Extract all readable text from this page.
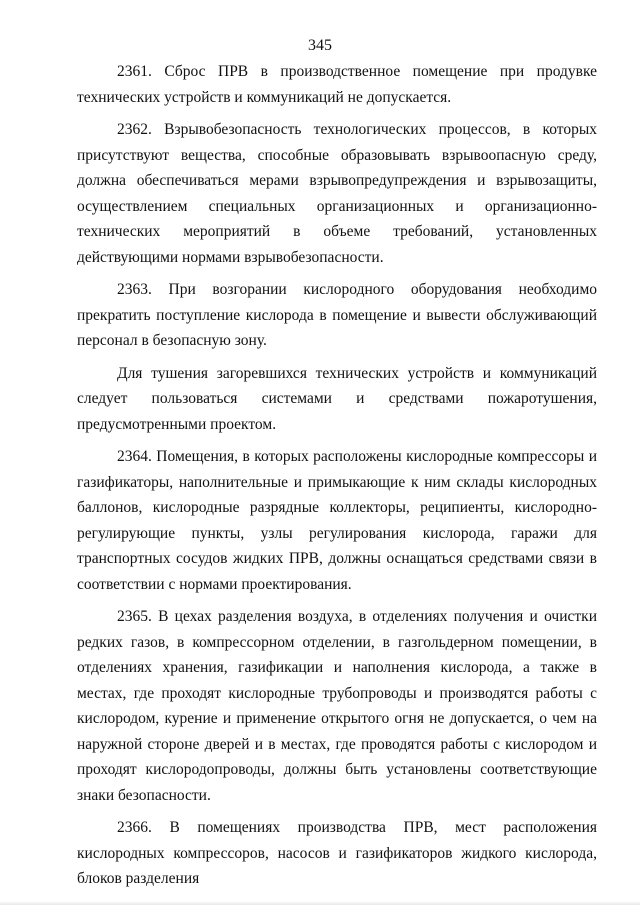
345

2361. Сброс ПРВ в производственное помещение при продувке технических устройств и коммуникаций не допускается.

2362. Взрывобезопасность технологических процессов, в которых присутствуют вещества, способные образовывать взрывоопасную среду, должна обеспечиваться мерами взрывопредупреждения и взрывозащиты, осуществлением специальных организационных и организационно-технических мероприятий в объеме требований, установленных действующими нормами взрывобезопасности.

2363. При возгорании кислородного оборудования необходимо прекратить поступление кислорода в помещение и вывести обслуживающий персонал в безопасную зону.

Для тушения загоревшихся технических устройств и коммуникаций следует пользоваться системами и средствами пожаротушения, предусмотренными проектом.

2364. Помещения, в которых расположены кислородные компрессоры и газификаторы, наполнительные и примыкающие к ним склады кислородных баллонов, кислородные разрядные коллекторы, реципиенты, кислородно-регулирующие пункты, узлы регулирования кислорода, гаражи для транспортных сосудов жидких ПРВ, должны оснащаться средствами связи в соответствии с нормами проектирования.

2365. В цехах разделения воздуха, в отделениях получения и очистки редких газов, в компрессорном отделении, в газгольдерном помещении, в отделениях хранения, газификации и наполнения кислорода, а также в местах, где проходят кислородные трубопроводы и производятся работы с кислородом, курение и применение открытого огня не допускается, о чем на наружной стороне дверей и в местах, где проводятся работы с кислородом и проходят кислородопроводы, должны быть установлены соответствующие знаки безопасности.

2366. В помещениях производства ПРВ, мест расположения кислородных компрессоров, насосов и газификаторов жидкого кислорода, блоков разделения
